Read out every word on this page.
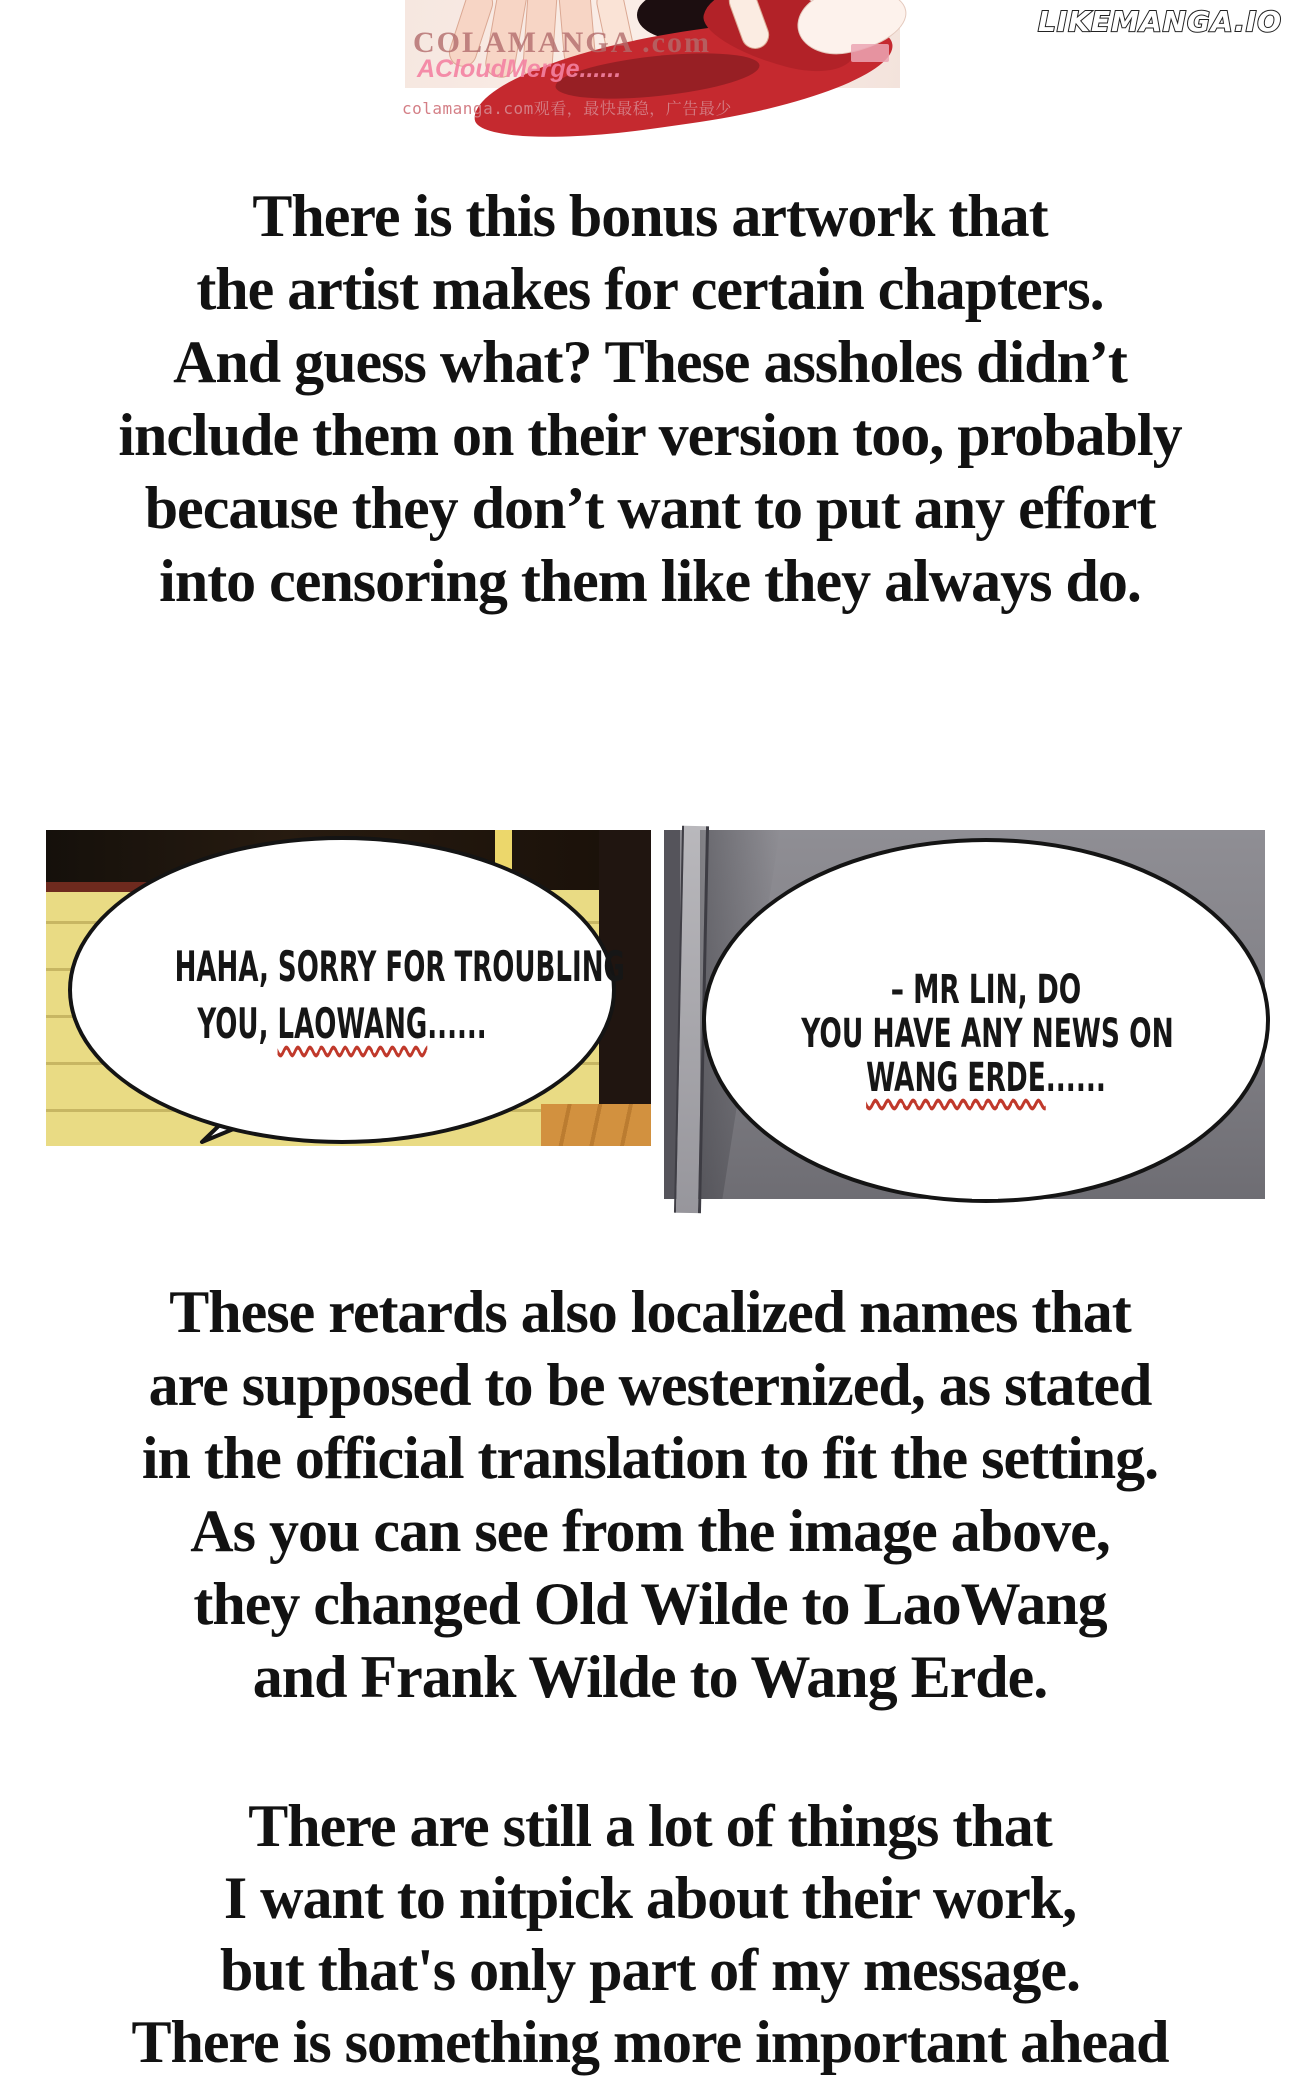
LIKEMANGA.IO
COLAMANGA .com
ACloudMerge......
colamanga.com观看，最快最稳，广告最少
There is this bonus artwork that
the artist makes for certain chapters.
And guess what? These assholes didn’t
include them on their version too, probably
because they don’t want to put any effort
into censoring them like they always do.
HAHA, SORRY FOR TROUBLING
YOU, LAOWANG......
– MR LIN, DO
YOU HAVE ANY NEWS ON
WANG ERDE......
These retards also localized names that
are supposed to be westernized, as stated
in the official translation to fit the setting.
As you can see from the image above,
they changed Old Wilde to LaoWang
and Frank Wilde to Wang Erde.
There are still a lot of things that
I want to nitpick about their work,
but that's only part of my message.
There is something more important ahead
